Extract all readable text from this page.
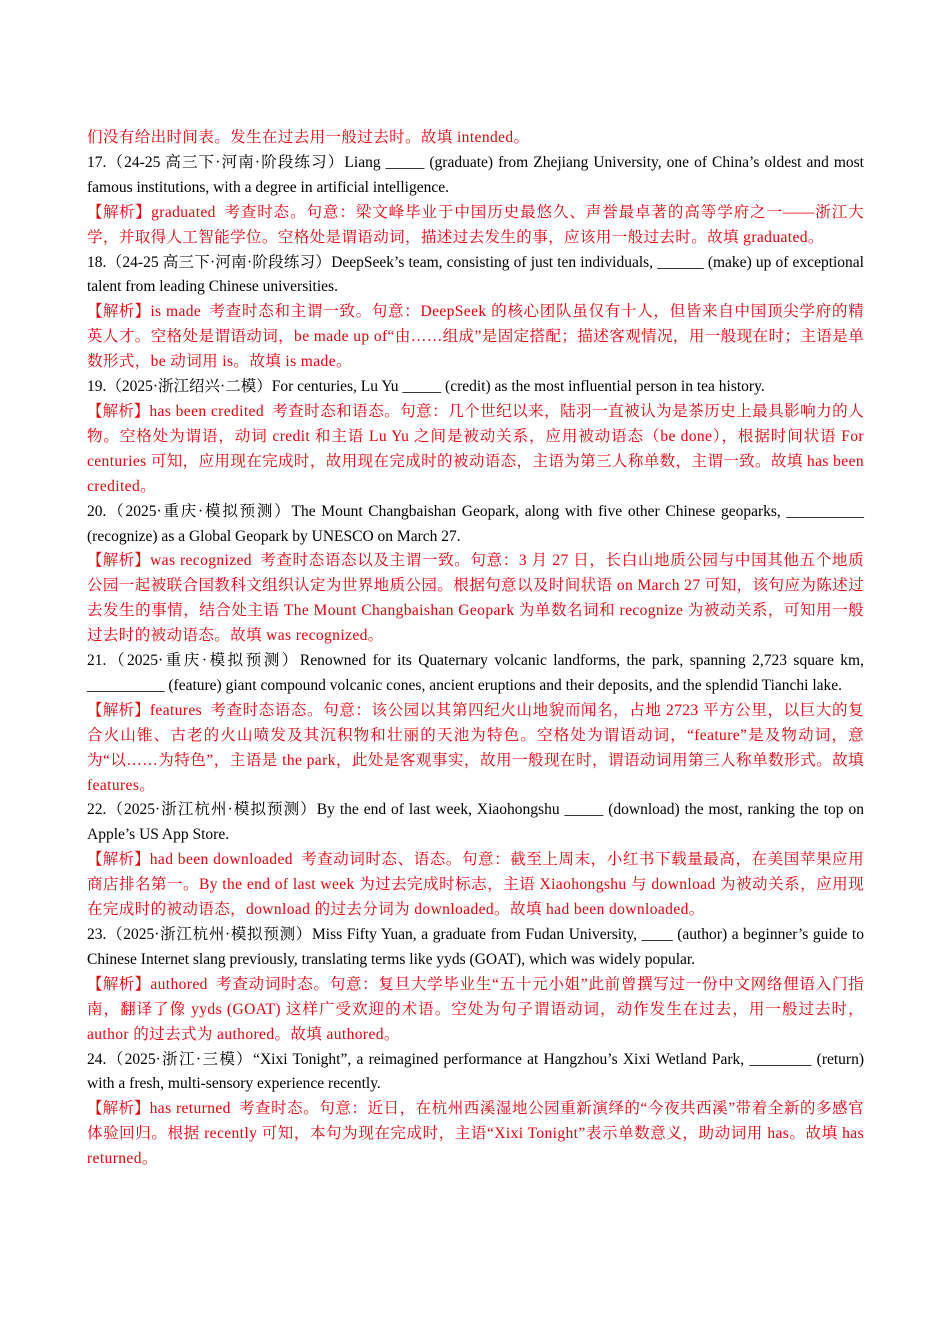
们没有给出时间表。发生在过去用一般过去时。故填 intended。

17.（24-25 高三下·河南·阶段练习）Liang _____ (graduate) from Zhejiang University, one of China’s oldest and most famous institutions, with a degree in artificial intelligence.

【解析】graduated 考查时态。句意：梁文峰毕业于中国历史最悠久、声誉最卓著的高等学府之一——浙江大学，并取得人工智能学位。空格处是谓语动词，描述过去发生的事，应该用一般过去时。故填 graduated。

18.（24-25 高三下·河南·阶段练习）DeepSeek’s team, consisting of just ten individuals, ______ (make) up of exceptional talent from leading Chinese universities.

【解析】is made 考查时态和主谓一致。句意：DeepSeek 的核心团队虽仅有十人，但皆来自中国顶尖学府的精英人才。空格处是谓语动词，be made up of“由……组成”是固定搭配；描述客观情况，用一般现在时；主语是单数形式，be 动词用 is。故填 is made。

19.（2025·浙江绍兴·二模）For centuries, Lu Yu _____ (credit) as the most influential person in tea history.

【解析】has been credited 考查时态和语态。句意：几个世纪以来，陆羽一直被认为是茶历史上最具影响力的人物。空格处为谓语，动词 credit 和主语 Lu Yu 之间是被动关系，应用被动语态（be done），根据时间状语 For centuries 可知，应用现在完成时，故用现在完成时的被动语态，主语为第三人称单数，主谓一致。故填 has been credited。

20.（2025·重庆·模拟预测）The Mount Changbaishan Geopark, along with five other Chinese geoparks, __________ (recognize) as a Global Geopark by UNESCO on March 27.

【解析】was recognized 考查时态语态以及主谓一致。句意：3 月 27 日，长白山地质公园与中国其他五个地质公园一起被联合国教科文组织认定为世界地质公园。根据句意以及时间状语 on March 27 可知，该句应为陈述过去发生的事情，结合处主语 The Mount Changbaishan Geopark 为单数名词和 recognize 为被动关系，可知用一般过去时的被动语态。故填 was recognized。

21.（2025·重庆·模拟预测）Renowned for its Quaternary volcanic landforms, the park, spanning 2,723 square km, __________ (feature) giant compound volcanic cones, ancient eruptions and their deposits, and the splendid Tianchi lake.

【解析】features 考查时态语态。句意：该公园以其第四纪火山地貌而闻名，占地 2723 平方公里，以巨大的复合火山锥、古老的火山喷发及其沉积物和壮丽的天池为特色。空格处为谓语动词，“feature”是及物动词，意为“以……为特色”，主语是 the park，此处是客观事实，故用一般现在时，谓语动词用第三人称单数形式。故填 features。

22.（2025·浙江杭州·模拟预测）By the end of last week, Xiaohongshu _____ (download) the most, ranking the top on Apple’s US App Store.

【解析】had been downloaded 考查动词时态、语态。句意：截至上周末，小红书下载量最高，在美国苹果应用商店排名第一。By the end of last week 为过去完成时标志，主语 Xiaohongshu 与 download 为被动关系，应用现在完成时的被动语态，download 的过去分词为 downloaded。故填 had been downloaded。

23.（2025·浙江杭州·模拟预测）Miss Fifty Yuan, a graduate from Fudan University, ____ (author) a beginner’s guide to Chinese Internet slang previously, translating terms like yyds (GOAT), which was widely popular.

【解析】authored 考查动词时态。句意：复旦大学毕业生“五十元小姐”此前曾撰写过一份中文网络俚语入门指南，翻译了像 yyds (GOAT) 这样广受欢迎的术语。空处为句子谓语动词，动作发生在过去，用一般过去时，author 的过去式为 authored。故填 authored。

24.（2025·浙江·三模）“Xixi Tonight”, a reimagined performance at Hangzhou’s Xixi Wetland Park, ________ (return) with a fresh, multi-sensory experience recently.

【解析】has returned 考查时态。句意：近日，在杭州西溪湿地公园重新演绎的“今夜共西溪”带着全新的多感官体验回归。根据 recently 可知，本句为现在完成时，主语“Xixi Tonight”表示单数意义，助动词用 has。故填 has returned。
